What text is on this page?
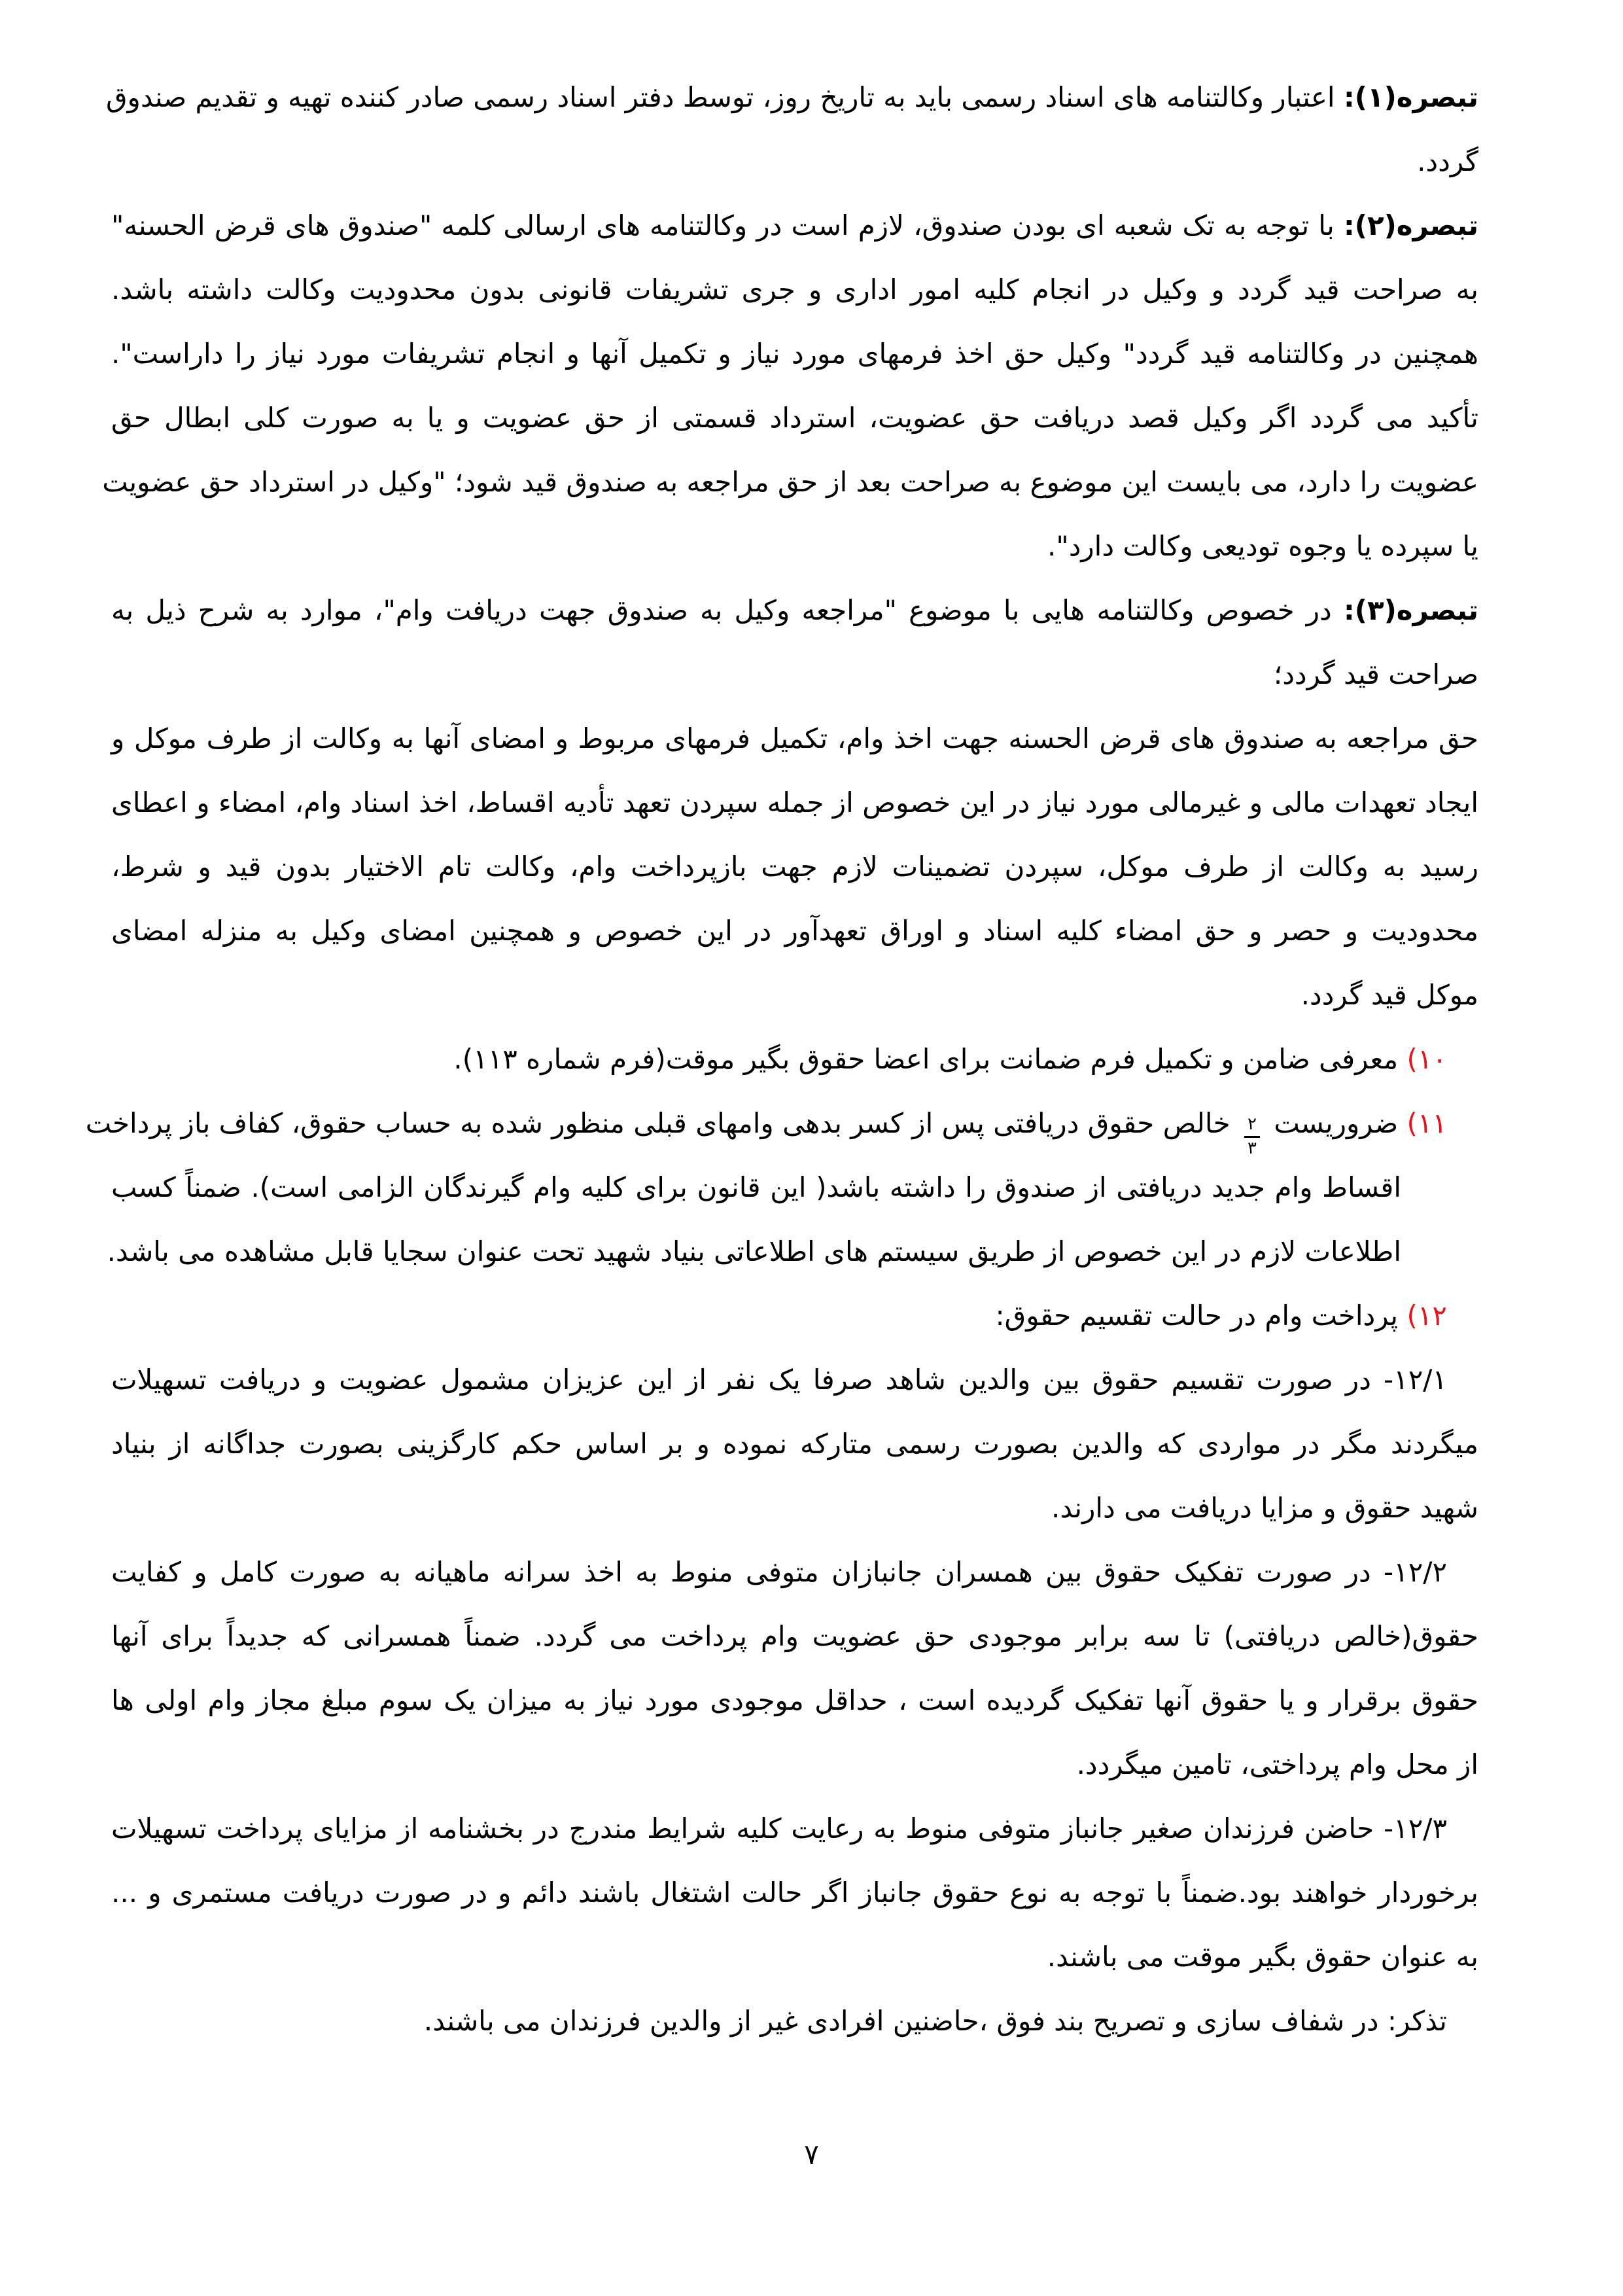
تبصره(۱): اعتبار وکالتنامه های اسناد رسمی باید به تاریخ روز، توسط دفتر اسناد رسمی صادر کننده تهیه و تقدیم صندوق
گردد.
تبصره(۲): با توجه به تک شعبه ای بودن صندوق، لازم است در وکالتنامه های ارسالی کلمه "صندوق های قرض الحسنه"
به صراحت قید گردد و وکیل در انجام کلیه امور اداری و جری تشریفات قانونی بدون محدودیت وکالت داشته باشد.
همچنین در وکالتنامه قید گردد" وکیل حق اخذ فرمهای مورد نیاز و تکمیل آنها و انجام تشریفات مورد نیاز را داراست".
تأکید می گردد اگر وکیل قصد دریافت حق عضویت، استرداد قسمتی از حق عضویت و یا به صورت کلی ابطال حق
عضویت را دارد، می بایست این موضوع به صراحت بعد از حق مراجعه به صندوق قید شود؛ "وکیل در استرداد حق عضویت
یا سپرده یا وجوه تودیعی وکالت دارد".
تبصره(۳): در خصوص وکالتنامه هایی با موضوع "مراجعه وکیل به صندوق جهت دریافت وام"، موارد به شرح ذیل به
صراحت قید گردد؛
حق مراجعه به صندوق های قرض الحسنه جهت اخذ وام، تکمیل فرمهای مربوط و امضای آنها به وکالت از طرف موکل و
ایجاد تعهدات مالی و غیرمالی مورد نیاز در این خصوص از جمله سپردن تعهد تأدیه اقساط، اخذ اسناد وام، امضاء و اعطای
رسید به وکالت از طرف موکل، سپردن تضمینات لازم جهت بازپرداخت وام، وکالت تام الاختیار بدون قید و شرط،
محدودیت و حصر و حق امضاء کلیه اسناد و اوراق تعهدآور در این خصوص و همچنین امضای وکیل به منزله امضای
موکل قید گردد.
۱۰) معرفی ضامن و تکمیل فرم ضمانت برای اعضا حقوق بگیر موقت(فرم شماره ۱۱۳).
۱۱) ضروریست
$\frac{۲}{۳}$
خالص حقوق دریافتی پس از کسر بدهی وامهای قبلی منظور شده به حساب حقوق، کفاف باز پرداخت
اقساط وام جدید دریافتی از صندوق را داشته باشد( این قانون برای کلیه وام گیرندگان الزامی است). ضمناً کسب
اطلاعات لازم در این خصوص از طریق سیستم های اطلاعاتی بنیاد شهید تحت عنوان سجایا قابل مشاهده می باشد.
۱۲) پرداخت وام در حالت تقسیم حقوق:
۱۲/۱- در صورت تقسیم حقوق بین والدین شاهد صرفا یک نفر از این عزیزان مشمول عضویت و دریافت تسهیلات
میگردند مگر در مواردی که والدین بصورت رسمی متارکه نموده و بر اساس حکم کارگزینی بصورت جداگانه از بنیاد
شهید حقوق و مزایا دریافت می دارند.
۱۲/۲- در صورت تفکیک حقوق بین همسران جانبازان متوفی منوط به اخذ سرانه ماهیانه به صورت کامل و کفایت
حقوق(خالص دریافتی) تا سه برابر موجودی حق عضویت وام پرداخت می گردد. ضمناً همسرانی که جدیداً برای آنها
حقوق برقرار و یا حقوق آنها تفکیک گردیده است ، حداقل موجودی مورد نیاز به میزان یک سوم مبلغ مجاز وام اولی ها
از محل وام پرداختی، تامین میگردد.
۱۲/۳- حاضن فرزندان صغیر جانباز متوفی منوط به رعایت کلیه شرایط مندرج در بخشنامه از مزایای پرداخت تسهیلات
برخوردار خواهند بود.ضمناً با توجه به نوع حقوق جانباز اگر حالت اشتغال باشند دائم و در صورت دریافت مستمری و ...
به عنوان حقوق بگیر موقت می باشند.
تذکر: در شفاف سازی و تصریح بند فوق ،حاضنین افرادی غیر از والدین فرزندان می باشند.
۷
